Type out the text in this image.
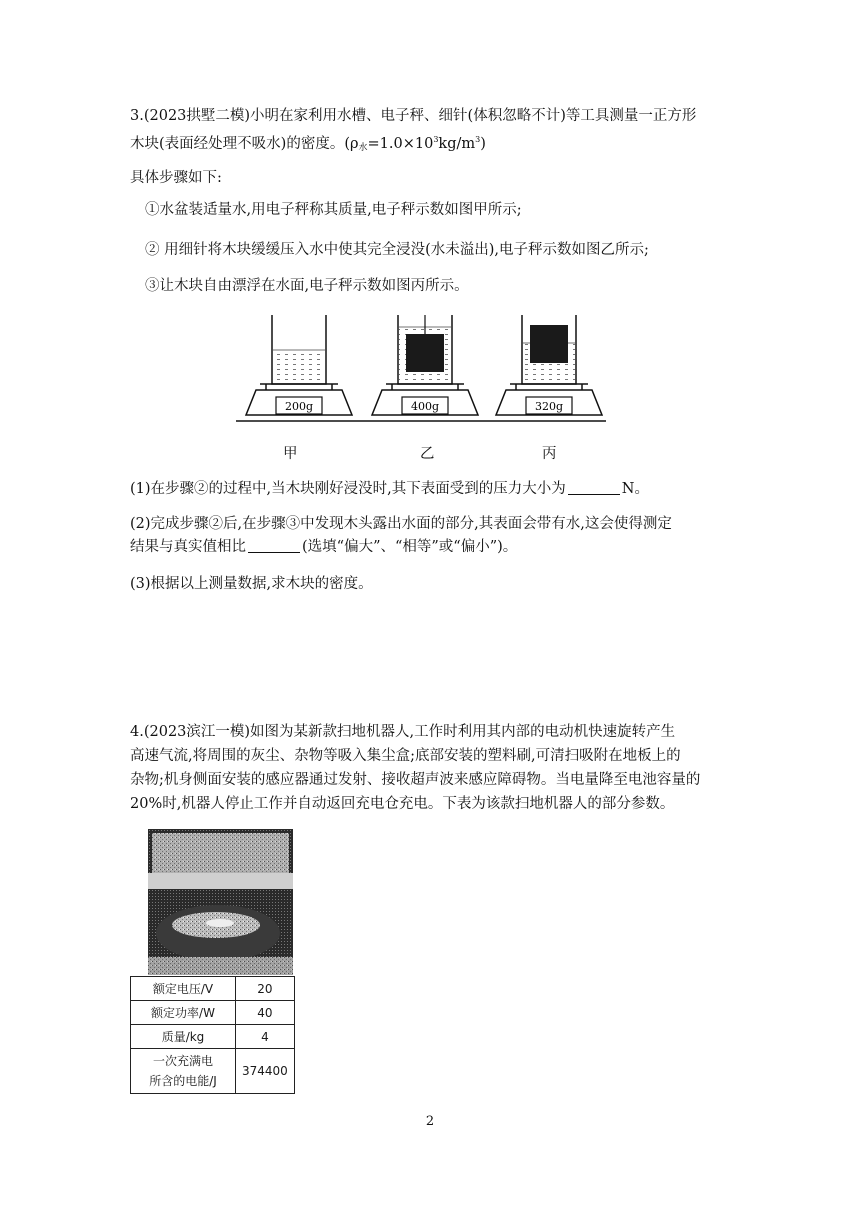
3.(2023拱墅二模)小明在家利用水槽、电子秤、细针(体积忽略不计)等工具测量一正方形
木块(表面经处理不吸水)的密度。$(\rho_水=1.0\times 10^3kg/m^3)$
具体步骤如下:
①水盆装适量水,用电子秤称其质量,电子秤示数如图甲所示;
② 用细针将木块缓缓压入水中使其完全浸没(水未溢出),电子秤示数如图乙所示;
③让木块自由漂浮在水面,电子秤示数如图丙所示。
200g	400g	320g
甲	乙	丙
(1)在步骤②的过程中,当木块刚好浸没时,其下表面受到的压力大小为	N。
(2)完成步骤②后,在步骤③中发现木头露出水面的部分,其表面会带有水,这会使得测定
结果与真实值相比	(选填“偏大”、“相等”或“偏小”)。
(3)根据以上测量数据,求木块的密度。
4.(2023滨江一模)如图为某新款扫地机器人,工作时利用其内部的电动机快速旋转产生
高速气流,将周围的灰尘、杂物等吸入集尘盒;底部安装的塑料刷,可清扫吸附在地板上的
杂物;机身侧面安装的感应器通过发射、接收超声波来感应障碍物。当电量降至电池容量的
20%时,机器人停止工作并自动返回充电仓充电。下表为该款扫地机器人的部分参数。
额定电压/V	20
额定功率/W	40
质量/kg	4
一次充满电
所含的电能/J	374400
2
